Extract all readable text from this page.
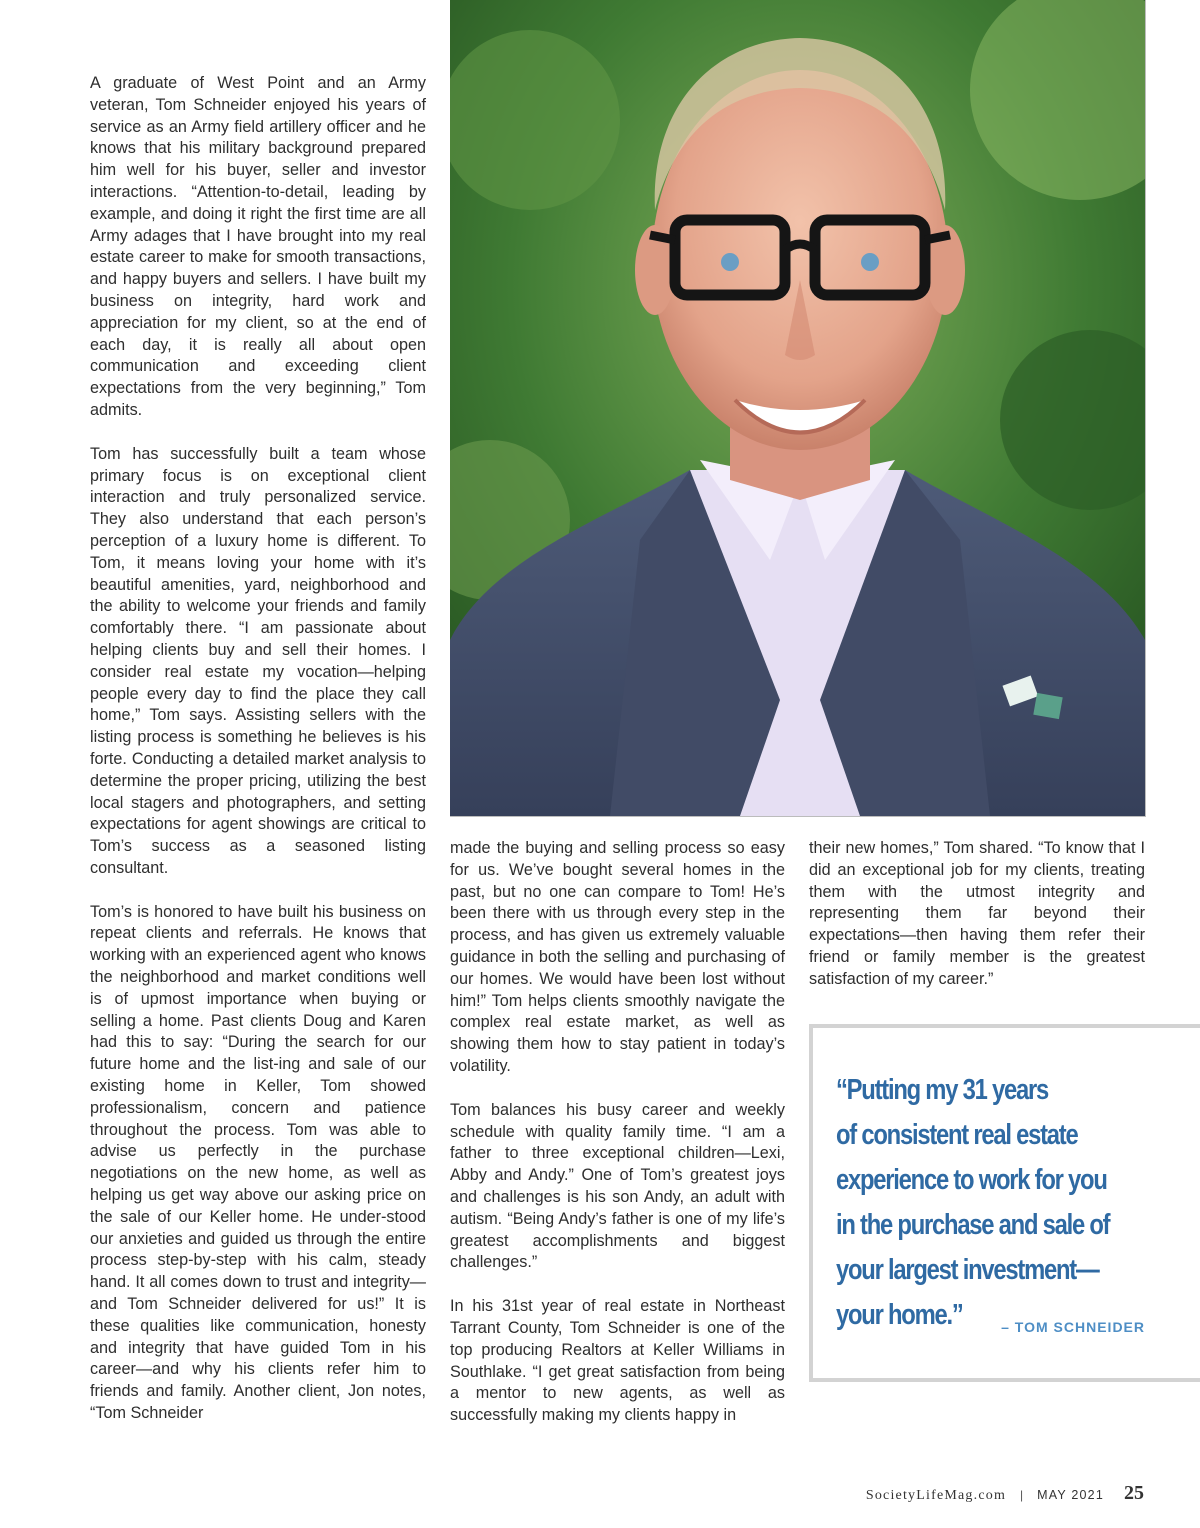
A graduate of West Point and an Army veteran, Tom Schneider enjoyed his years of service as an Army field artillery officer and he knows that his military background prepared him well for his buyer, seller and investor interactions. “Attention-to-detail, leading by example, and doing it right the first time are all Army adages that I have brought into my real estate career to make for smooth transactions, and happy buyers and sellers. I have built my business on integrity, hard work and appreciation for my client, so at the end of each day, it is really all about open communication and exceeding client expectations from the very beginning,” Tom admits.

Tom has successfully built a team whose primary focus is on exceptional client interaction and truly personalized service. They also understand that each person’s perception of a luxury home is different. To Tom, it means loving your home with it’s beautiful amenities, yard, neighborhood and the ability to welcome your friends and family comfortably there. “I am passionate about helping clients buy and sell their homes. I consider real estate my vocation—helping people every day to find the place they call home,” Tom says. Assisting sellers with the listing process is something he believes is his forte. Conducting a detailed market analysis to determine the proper pricing, utilizing the best local stagers and photographers, and setting expectations for agent showings are critical to Tom’s success as a seasoned listing consultant.

Tom’s is honored to have built his business on repeat clients and referrals. He knows that working with an experienced agent who knows the neighborhood and market conditions well is of upmost importance when buying or selling a home. Past clients Doug and Karen had this to say: “During the search for our future home and the list-ing and sale of our existing home in Keller, Tom showed professionalism, concern and patience throughout the process. Tom was able to advise us perfectly in the purchase negotiations on the new home, as well as helping us get way above our asking price on the sale of our Keller home. He under-stood our anxieties and guided us through the entire process step-by-step with his calm, steady hand. It all comes down to trust and integrity—and Tom Schneider delivered for us!” It is these qualities like communication, honesty and integrity that have guided Tom in his career—and why his clients refer him to friends and family. Another client, Jon notes, “Tom Schneider

made the buying and selling process so easy for us. We’ve bought several homes in the past, but no one can compare to Tom! He’s been there with us through every step in the process, and has given us extremely valuable guidance in both the selling and purchasing of our homes. We would have been lost without him!” Tom helps clients smoothly navigate the complex real estate market, as well as showing them how to stay patient in today’s volatility.

Tom balances his busy career and weekly schedule with quality family time. “I am a father to three exceptional children—Lexi, Abby and Andy.” One of Tom’s greatest joys and challenges is his son Andy, an adult with autism. “Being Andy’s father is one of my life’s greatest accomplishments and biggest challenges.”

In his 31st year of real estate in Northeast Tarrant County, Tom Schneider is one of the top producing Realtors at Keller Williams in Southlake. “I get great satisfaction from being a mentor to new agents, as well as successfully making my clients happy in

their new homes,” Tom shared. “To know that I did an exceptional job for my clients, treating them with the utmost integrity and representing them far beyond their expectations—then having them refer their friend or family member is the greatest satisfaction of my career.”

“Putting my 31 years
of consistent real estate
experience to work for you
in the purchase and sale of
your largest investment—
your home.”	– TOM SCHNEIDER
SocietyLifeMag.com | MAY 2021 25
